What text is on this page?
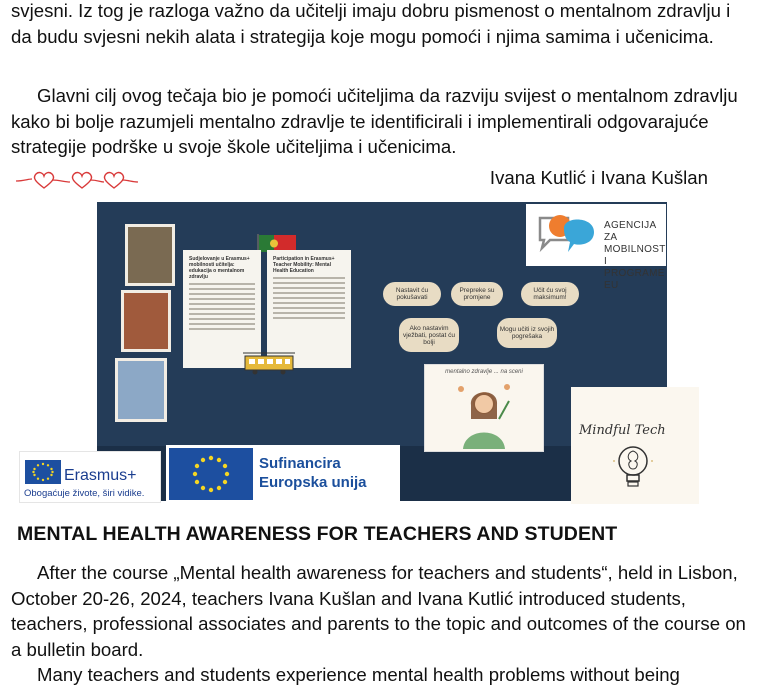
svjesni. Iz tog je razloga važno da učitelji imaju dobru pismenost o mentalnom zdravlju i da budu svjesni nekih alata i strategija koje mogu pomoći i njima samima i učenicima.

Glavni cilj ovog tečaja bio je pomoći učiteljima da razviju svijest o mentalnom zdravlju kako bi bolje razumjeli mentalno zdravlje te identificirali i implementirali odgovarajuće strategije podrške u svoje škole učiteljima i učenicima.

Ivana Kutlić i Ivana Kušlan
Sudjelovanje u Erasmus+ mobilnosti učitelja: edukacija o mentalnom zdravlju
Participation in Erasmus+ Teacher Mobility: Mental Health Education
Nastavit ću pokušavati
Prepreke su promjene
Učit ću svoj maksimum!
Ako nastavim vježbati, postat ću bolji
Mogu učiti iz svojih pogrešaka
mentalno zdravlje ... na sceni
AGENCIJA ZA
MOBILNOST I
PROGRAME EU
Mindful Tech
Erasmus+
Obogaćuje živote, širi vidike.
Sufinancira
Europska unija
MENTAL HEALTH AWARENESS FOR TEACHERS AND STUDENT

After the course „Mental health awareness for teachers and students“, held in Lisbon, October 20-26, 2024, teachers Ivana Kušlan and Ivana Kutlić introduced students, teachers, professional associates and parents to the topic and outcomes of the course on a bulletin board.

Many teachers and students experience mental health problems without being
